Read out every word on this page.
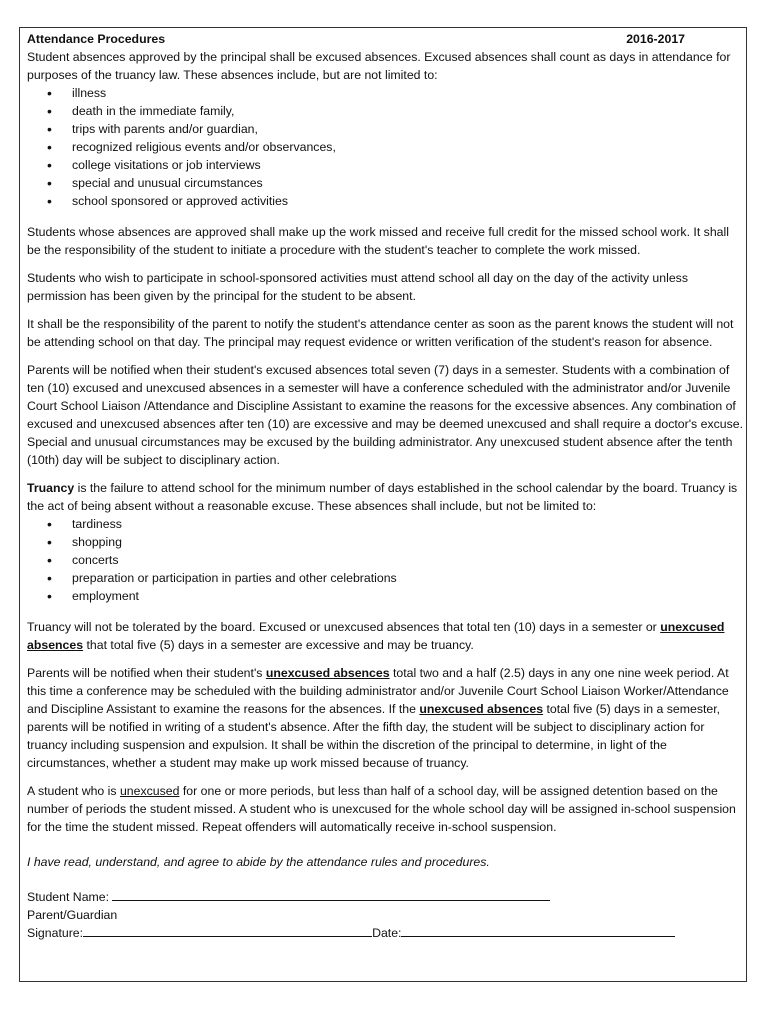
Attendance Procedures	2016-2017

Student absences approved by the principal shall be excused absences. Excused absences shall count as days in attendance for purposes of the truancy law. These absences include, but are not limited to:

• illness
• death in the immediate family,
• trips with parents and/or guardian,
• recognized religious events and/or observances,
• college visitations or job interviews
• special and unusual circumstances
• school sponsored or approved activities

Students whose absences are approved shall make up the work missed and receive full credit for the missed school work. It shall be the responsibility of the student to initiate a procedure with the student's teacher to complete the work missed.

Students who wish to participate in school-sponsored activities must attend school all day on the day of the activity unless permission has been given by the principal for the student to be absent.

It shall be the responsibility of the parent to notify the student's attendance center as soon as the parent knows the student will not be attending school on that day. The principal may request evidence or written verification of the student's reason for absence.

Parents will be notified when their student's excused absences total seven (7) days in a semester. Students with a combination of ten (10) excused and unexcused absences in a semester will have a conference scheduled with the administrator and/or Juvenile Court School Liaison /Attendance and Discipline Assistant to examine the reasons for the excessive absences. Any combination of excused and unexcused absences after ten (10) are excessive and may be deemed unexcused and shall require a doctor's excuse. Special and unusual circumstances may be excused by the building administrator. Any unexcused student absence after the tenth (10th) day will be subject to disciplinary action.

Truancy is the failure to attend school for the minimum number of days established in the school calendar by the board. Truancy is the act of being absent without a reasonable excuse. These absences shall include, but not be limited to:

• tardiness
• shopping
• concerts
• preparation or participation in parties and other celebrations
• employment

Truancy will not be tolerated by the board. Excused or unexcused absences that total ten (10) days in a semester or unexcused absences that total five (5) days in a semester are excessive and may be truancy.

Parents will be notified when their student's unexcused absences total two and a half (2.5) days in any one nine week period. At this time a conference may be scheduled with the building administrator and/or Juvenile Court School Liaison Worker/Attendance and Discipline Assistant to examine the reasons for the absences. If the unexcused absences total five (5) days in a semester, parents will be notified in writing of a student's absence. After the fifth day, the student will be subject to disciplinary action for truancy including suspension and expulsion. It shall be within the discretion of the principal to determine, in light of the circumstances, whether a student may make up work missed because of truancy.

A student who is unexcused for one or more periods, but less than half of a school day, will be assigned detention based on the number of periods the student missed. A student who is unexcused for the whole school day will be assigned in-school suspension for the time the student missed. Repeat offenders will automatically receive in-school suspension.

I have read, understand, and agree to abide by the attendance rules and procedures.

Student Name:
Parent/Guardian
Signature:	Date:
